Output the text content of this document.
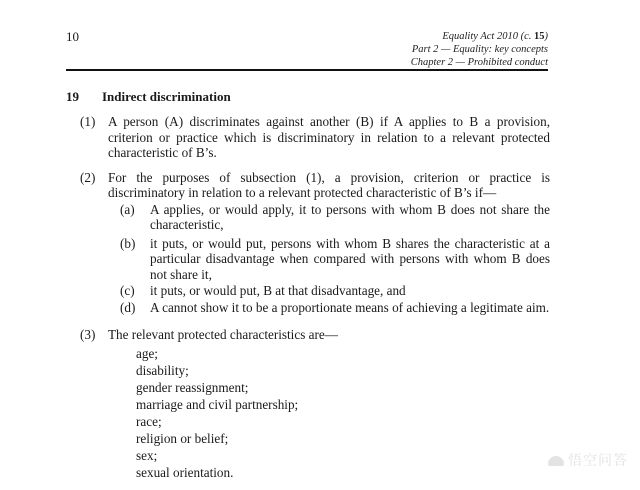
10	Equality Act 2010 (c. 15)
Part 2 — Equality: key concepts
Chapter 2 — Prohibited conduct
19 Indirect discrimination
(1) A person (A) discriminates against another (B) if A applies to B a provision, criterion or practice which is discriminatory in relation to a relevant protected characteristic of B’s.
(2) For the purposes of subsection (1), a provision, criterion or practice is discriminatory in relation to a relevant protected characteristic of B’s if—
(a) A applies, or would apply, it to persons with whom B does not share the characteristic,
(b) it puts, or would put, persons with whom B shares the characteristic at a particular disadvantage when compared with persons with whom B does not share it,
(c) it puts, or would put, B at that disadvantage, and
(d) A cannot show it to be a proportionate means of achieving a legitimate aim.
(3) The relevant protected characteristics are—
age;
disability;
gender reassignment;
marriage and civil partnership;
race;
religion or belief;
sex;
sexual orientation.
悟空问答
